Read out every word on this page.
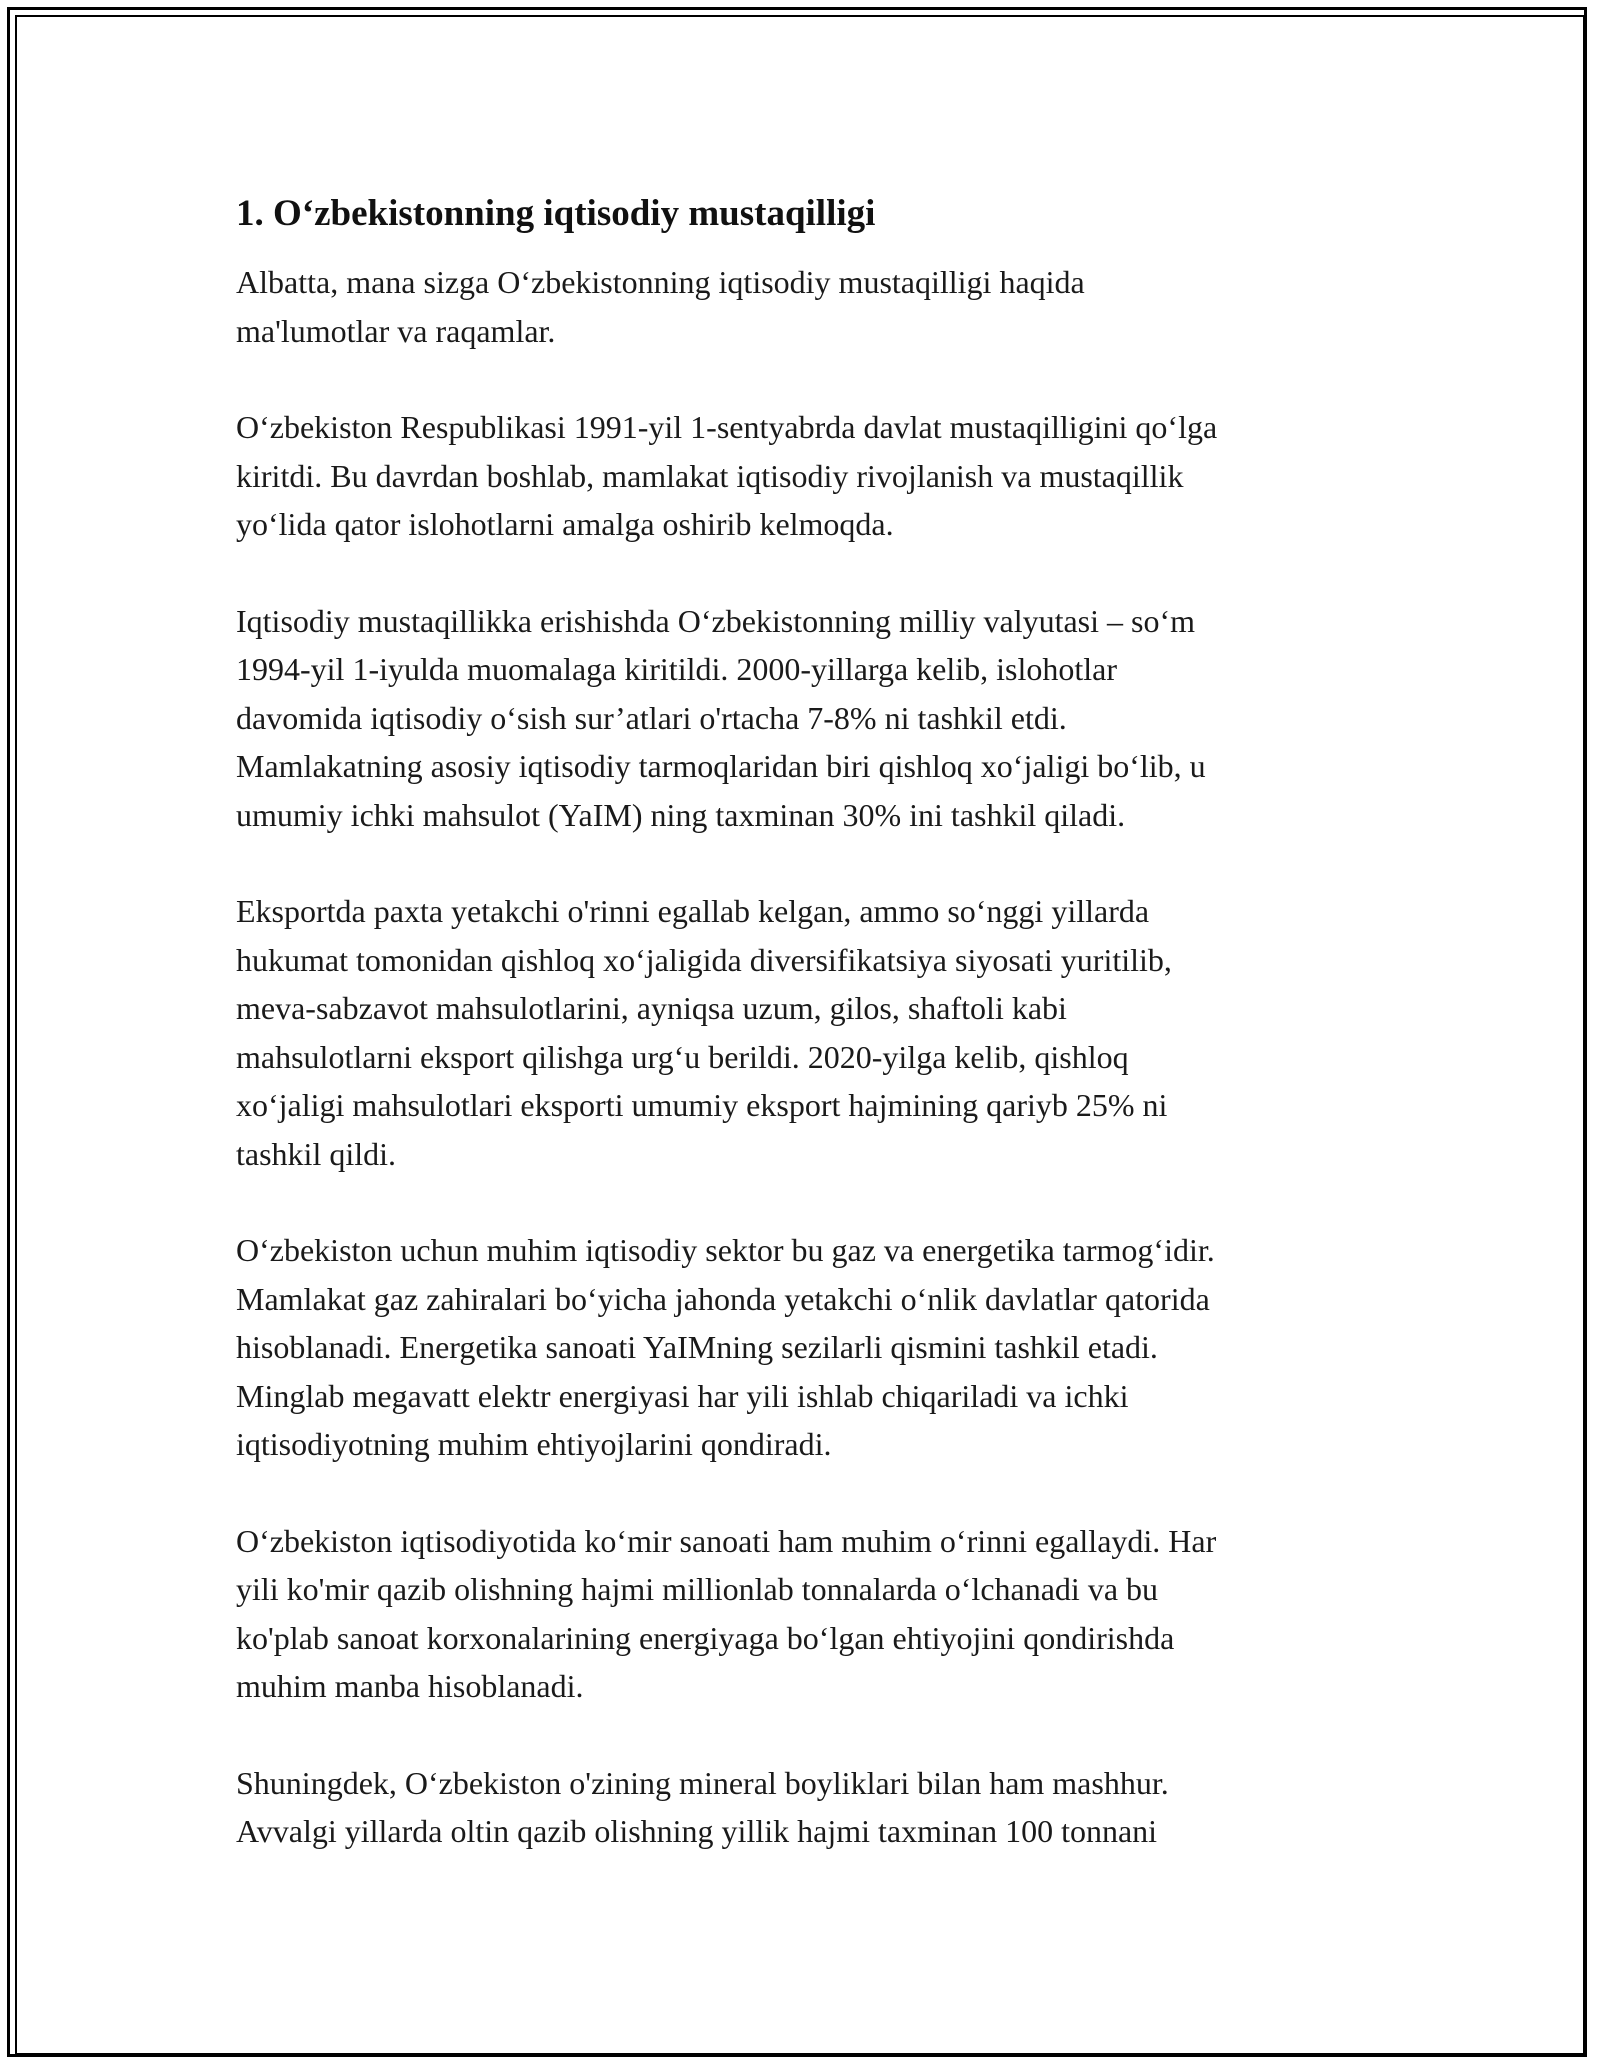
1. O‘zbekistonning iqtisodiy mustaqilligi

Albatta, mana sizga O‘zbekistonning iqtisodiy mustaqilligi haqida
ma'lumotlar va raqamlar.

O‘zbekiston Respublikasi 1991-yil 1-sentyabrda davlat mustaqilligini qo‘lga
kiritdi. Bu davrdan boshlab, mamlakat iqtisodiy rivojlanish va mustaqillik
yo‘lida qator islohotlarni amalga oshirib kelmoqda.

Iqtisodiy mustaqillikka erishishda O‘zbekistonning milliy valyutasi – so‘m
1994-yil 1-iyulda muomalaga kiritildi. 2000-yillarga kelib, islohotlar
davomida iqtisodiy o‘sish sur’atlari o'rtacha 7-8% ni tashkil etdi.
Mamlakatning asosiy iqtisodiy tarmoqlaridan biri qishloq xo‘jaligi bo‘lib, u
umumiy ichki mahsulot (YaIM) ning taxminan 30% ini tashkil qiladi.

Eksportda paxta yetakchi o'rinni egallab kelgan, ammo so‘nggi yillarda
hukumat tomonidan qishloq xo‘jaligida diversifikatsiya siyosati yuritilib,
meva-sabzavot mahsulotlarini, ayniqsa uzum, gilos, shaftoli kabi
mahsulotlarni eksport qilishga urg‘u berildi. 2020-yilga kelib, qishloq
xo‘jaligi mahsulotlari eksporti umumiy eksport hajmining qariyb 25% ni
tashkil qildi.

O‘zbekiston uchun muhim iqtisodiy sektor bu gaz va energetika tarmog‘idir.
Mamlakat gaz zahiralari bo‘yicha jahonda yetakchi o‘nlik davlatlar qatorida
hisoblanadi. Energetika sanoati YaIMning sezilarli qismini tashkil etadi.
Minglab megavatt elektr energiyasi har yili ishlab chiqariladi va ichki
iqtisodiyotning muhim ehtiyojlarini qondiradi.

O‘zbekiston iqtisodiyotida ko‘mir sanoati ham muhim o‘rinni egallaydi. Har
yili ko'mir qazib olishning hajmi millionlab tonnalarda o‘lchanadi va bu
ko'plab sanoat korxonalarining energiyaga bo‘lgan ehtiyojini qondirishda
muhim manba hisoblanadi.

Shuningdek, O‘zbekiston o'zining mineral boyliklari bilan ham mashhur.
Avvalgi yillarda oltin qazib olishning yillik hajmi taxminan 100 tonnani
